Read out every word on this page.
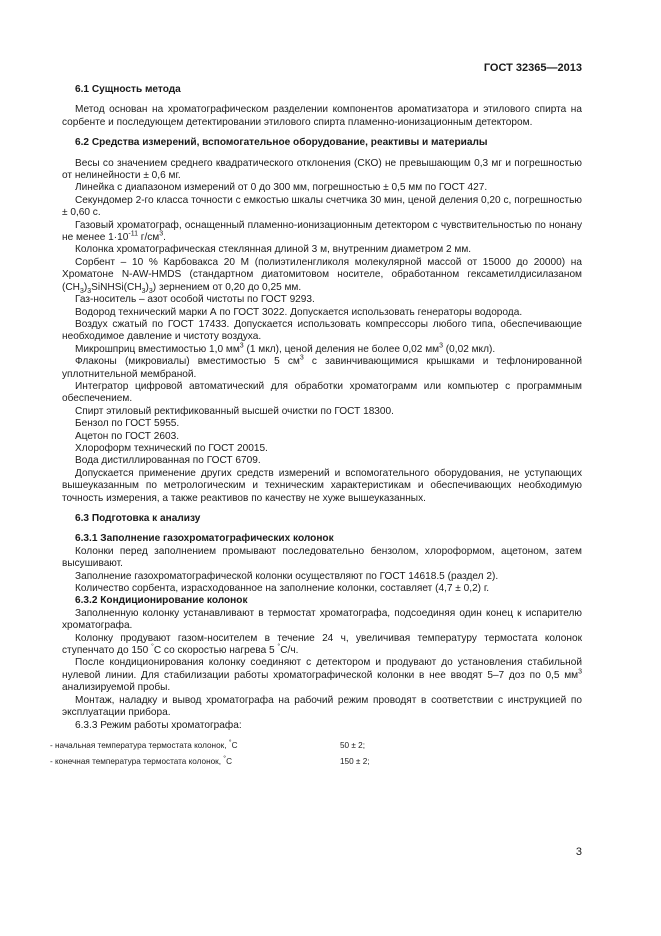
ГОСТ 32365—2013
6.1 Сущность метода

Метод основан на хроматографическом разделении компонентов ароматизатора и этилового спирта на сорбенте и последующем детектировании этилового спирта пламенно-ионизационным детектором.

6.2 Средства измерений, вспомогательное оборудование, реактивы и материалы

Весы со значением среднего квадратического отклонения (СКО) не превышающим 0,3 мг и погрешностью от нелинейности ± 0,6 мг.

Линейка с диапазоном измерений от 0 до 300 мм, погрешностью ± 0,5 мм по ГОСТ 427.

Секундомер 2-го класса точности с емкостью шкалы счетчика 30 мин, ценой деления 0,20 с, погрешностью ± 0,60 с.

Газовый хроматограф, оснащенный пламенно-ионизационным детектором с чувствительностью по нонану не менее $1\cdot 10^{-11}$ $г/см^3$.

Колонка хроматографическая стеклянная длиной 3 м, внутренним диаметром 2 мм.

Сорбент – 10 % Карбовакса 20 М (полиэтиленгликоля молекулярной массой от 15000 до 20000) на Хроматоне N-AW-HMDS (стандартном диатомитовом носителе, обработанном гексаметилдисилазаном $(CH_3)_3SiNHSi(CH_3)_3$) зернением от 0,20 до 0,25 мм.

Газ-носитель – азот особой чистоты по ГОСТ 9293.

Водород технический марки А по ГОСТ 3022. Допускается использовать генераторы водорода.

Воздух сжатый по ГОСТ 17433. Допускается использовать компрессоры любого типа, обеспечивающие необходимое давление и чистоту воздуха.

Микрошприц вместимостью 1,0 $мм^3$ (1 мкл), ценой деления не более 0,02 $мм^3$ (0,02 мкл).

Флаконы (микровиалы) вместимостью 5 $см^3$ с завинчивающимися крышками и тефлонированной уплотнительной мембраной.

Интегратор цифровой автоматический для обработки хроматограмм или компьютер с программным обеспечением.

Спирт этиловый ректификованный высшей очистки по ГОСТ 18300.

Бензол по ГОСТ 5955.

Ацетон по ГОСТ 2603.

Хлороформ технический по ГОСТ 20015.

Вода дистиллированная по ГОСТ 6709.

Допускается применение других средств измерений и вспомогательного оборудования, не уступающих вышеуказанным по метрологическим и техническим характеристикам и обеспечивающих необходимую точность измерения, а также реактивов по качеству не хуже вышеуказанных.

6.3 Подготовка к анализу
6.3.1 Заполнение газохроматографических колонок

Колонки перед заполнением промывают последовательно бензолом, хлороформом, ацетоном, затем высушивают.

Заполнение газохроматографической колонки осуществляют по ГОСТ 14618.5 (раздел 2).

Количество сорбента, израсходованное на заполнение колонки, составляет (4,7 ± 0,2) г.

6.3.2 Кондиционирование колонок

Заполненную колонку устанавливают в термостат хроматографа, подсоединяя один конец к испарителю хроматографа.

Колонку продувают газом-носителем в течение 24 ч, увеличивая температуру термостата колонок ступенчато до 150 °С со скоростью нагрева 5 °С/ч.

После кондиционирования колонку соединяют с детектором и продувают до установления стабильной нулевой линии. Для стабилизации работы хроматографической колонки в нее вводят 5–7 доз по 0,5 $мм^3$ анализируемой пробы.

Монтаж, наладку и вывод хроматографа на рабочий режим проводят в соответствии с инструкцией по эксплуатации прибора.

6.3.3 Режим работы хроматографа:

- начальная температура термостата колонок, °С	50 ± 2;
- конечная температура термостата колонок, °С	150 ± 2;
3
